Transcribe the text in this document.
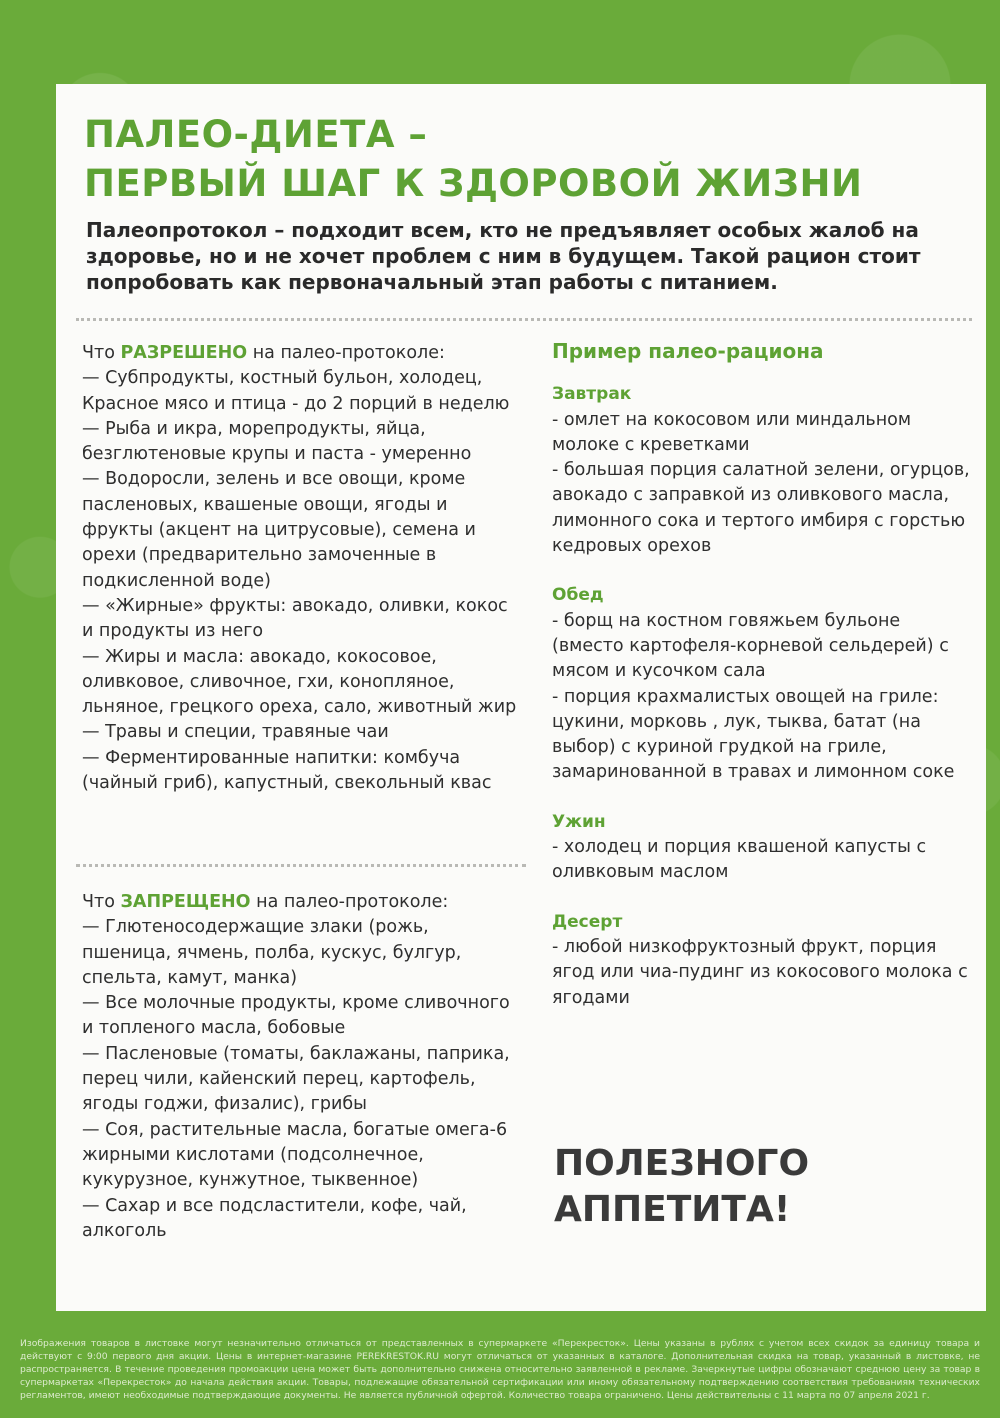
ПАЛЕО-ДИЕТА –
ПЕРВЫЙ ШАГ К ЗДОРОВОЙ ЖИЗНИ

Палеопротокол – подходит всем, кто не предъявляет особых жалоб на здоровье, но и не хочет проблем с ним в будущем. Такой рацион стоит попробовать как первоначальный этап работы с питанием.

Что РАЗРЕШЕНО на палео-протоколе:

— Субпродукты, костный бульон, холодец, Красное мясо и птица - до 2 порций в неделю

— Рыба и икра, морепродукты, яйца, безглютеновые крупы и паста - умеренно

— Водоросли, зелень и все овощи, кроме пасленовых, квашеные овощи, ягоды и фрукты (акцент на цитрусовые), семена и орехи (предварительно замоченные в подкисленной воде)

— «Жирные» фрукты: авокадо, оливки, кокос и продукты из него

— Жиры и масла: авокадо, кокосовое, оливковое, сливочное, гхи, конопляное, льняное, грецкого ореха, сало, животный жир

— Травы и специи, травяные чаи

— Ферментированные напитки: комбуча (чайный гриб), капустный, свекольный квас

Что ЗАПРЕЩЕНО на палео-протоколе:

— Глютеносодержащие злаки (рожь, пшеница, ячмень, полба, кускус, булгур, спельта, камут, манка)

— Все молочные продукты, кроме сливочного и топленого масла, бобовые

— Пасленовые (томаты, баклажаны, паприка, перец чили, кайенский перец, картофель, ягоды годжи, физалис), грибы

— Соя, растительные масла, богатые омега-6 жирными кислотами (подсолнечное, кукурузное, кунжутное, тыквенное)

— Сахар и все подсластители, кофе, чай, алкоголь

Пример палео-рациона

Завтрак

- омлет на кокосовом или миндальном молоке с креветками

- большая порция салатной зелени, огурцов, авокадо с заправкой из оливкового масла, лимонного сока и тертого имбиря с горстью кедровых орехов

Обед

- борщ на костном говяжьем бульоне (вместо картофеля-корневой сельдерей) с мясом и кусочком сала

- порция крахмалистых овощей на гриле: цукини, морковь , лук, тыква, батат (на выбор) с куриной грудкой на гриле, замаринованной в травах и лимонном соке

Ужин

- холодец и порция квашеной капусты с оливковым маслом

Десерт

- любой низкофруктозный фрукт, порция ягод или чиа-пудинг из кокосового молока с ягодами

ПОЛЕЗНОГО
АППЕТИТА!

Изображения товаров в листовке могут незначительно отличаться от представленных в супермаркете «Перекресток». Цены указаны в рублях с учетом всех скидок за единицу товара и действуют с 9:00 первого дня акции. Цены в интернет-магазине PEREKRESTOK.RU могут отличаться от указанных в каталоге. Дополнительная скидка на товар, указанный в листовке, не распространяется. В течение проведения промоакции цена может быть дополнительно снижена относительно заявленной в рекламе. Зачеркнутые цифры обозначают среднюю цену за товар в супермаркетах «Перекресток» до начала действия акции. Товары, подлежащие обязательной сертификации или иному обязательному подтверждению соответствия требованиям технических регламентов, имеют необходимые подтверждающие документы. Не является публичной офертой. Количество товара ограничено. Цены действительны с 11 марта по 07 апреля 2021 г.
